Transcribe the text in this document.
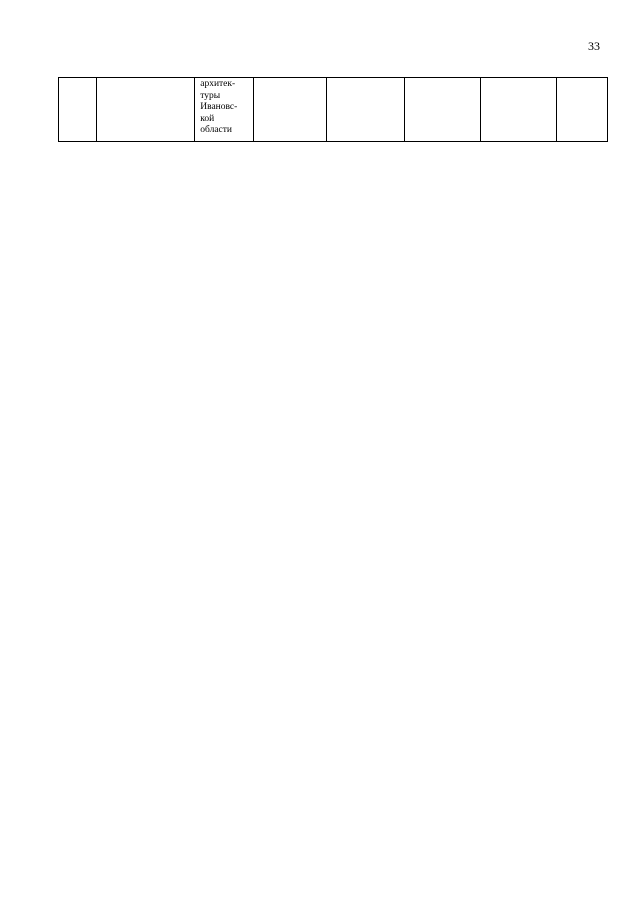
33
		архитек-
туры
Ивановс-
кой
области					
